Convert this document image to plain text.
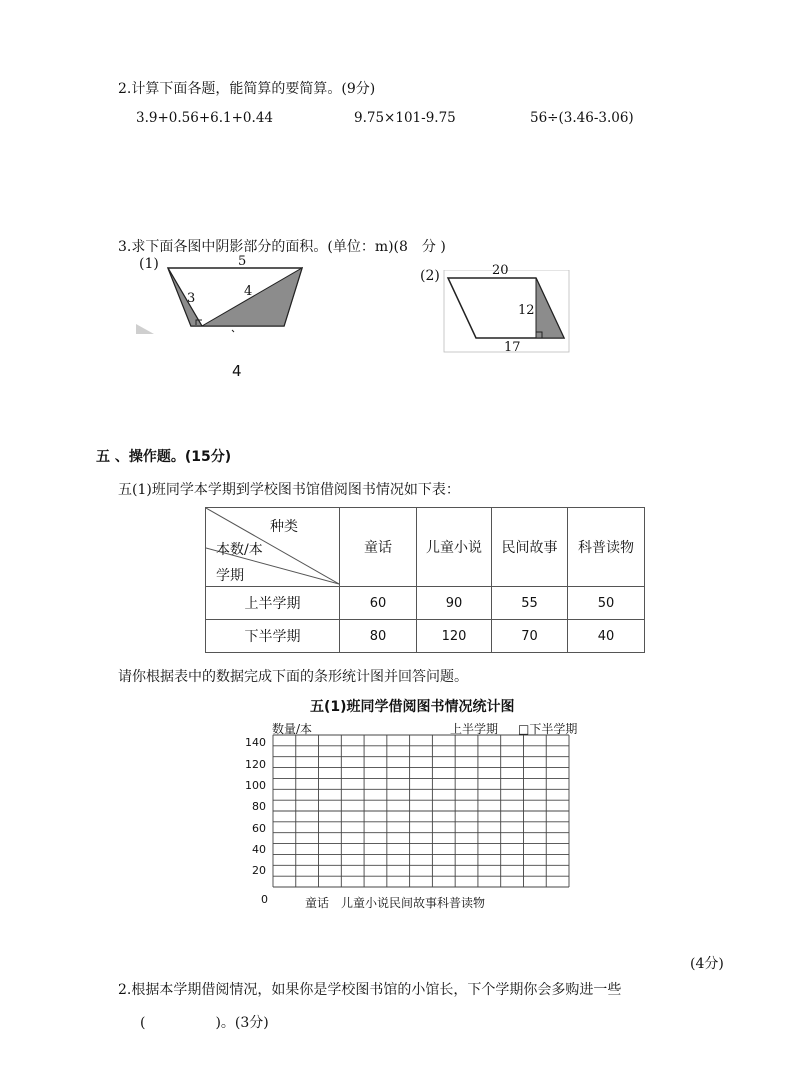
2.计算下面各题，能简算的要简算。(9分)
3.9+0.56+6.1+0.44	9.75×101-9.75	56÷(3.46-3.06)
3.求下面各图中阴影部分的面积。(单位：m)(8　分 )
(1)	5
3	4
4
(2)	20
12
17
五 、操作题。(15分)
五(1)班同学本学期到学校图书馆借阅图书情况如下表：
种类
本数/本
学期	童话	儿童小说	民间故事	科普读物
上半学期	60	90	55	50
下半学期	80	120	70	40
请你根据表中的数据完成下面的条形统计图并回答问题。
五(1)班同学借阅图书情况统计图
数量/本	上半学期 □下半学期
140
120
100
80
60
40
20
0	童话　儿童小说民间故事科普读物
(4分)
2.根据本学期借阅情况，如果你是学校图书馆的小馆长，下个学期你会多购进一些
(　　　　　)。(3分)
